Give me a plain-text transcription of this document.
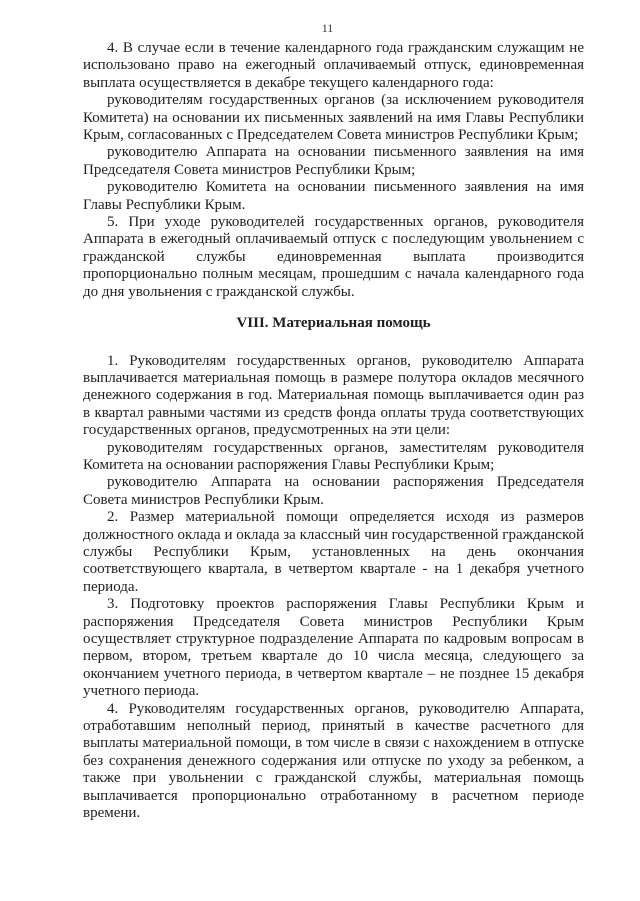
11

4. В случае если в течение календарного года гражданским служащим не использовано право на ежегодный оплачиваемый отпуск, единовременная выплата осуществляется в декабре текущего календарного года:

руководителям государственных органов (за исключением руководителя Комитета) на основании их письменных заявлений на имя Главы Республики Крым, согласованных с Председателем Совета министров Республики Крым;

руководителю Аппарата на основании письменного заявления на имя Председателя Совета министров Республики Крым;

руководителю Комитета на основании письменного заявления на имя Главы Республики Крым.

5. При уходе руководителей государственных органов, руководителя Аппарата в ежегодный оплачиваемый отпуск с последующим увольнением с гражданской службы единовременная выплата производится пропорционально полным месяцам, прошедшим с начала календарного года до дня увольнения с гражданской службы.

VIII. Материальная помощь

1. Руководителям государственных органов, руководителю Аппарата выплачивается материальная помощь в размере полутора окладов месячного денежного содержания в год. Материальная помощь выплачивается один раз в квартал равными частями из средств фонда оплаты труда соответствующих государственных органов, предусмотренных на эти цели:

руководителям государственных органов, заместителям руководителя Комитета на основании распоряжения Главы Республики Крым;

руководителю Аппарата на основании распоряжения Председателя Совета министров Республики Крым.

2. Размер материальной помощи определяется исходя из размеров должностного оклада и оклада за классный чин государственной гражданской службы Республики Крым, установленных на день окончания соответствующего квартала, в четвертом квартале - на 1 декабря учетного периода.

3. Подготовку проектов распоряжения Главы Республики Крым и распоряжения Председателя Совета министров Республики Крым осуществляет структурное подразделение Аппарата по кадровым вопросам в первом, втором, третьем квартале до 10 числа месяца, следующего за окончанием учетного периода, в четвертом квартале – не позднее 15 декабря учетного периода.

4. Руководителям государственных органов, руководителю Аппарата, отработавшим неполный период, принятый в качестве расчетного для выплаты материальной помощи, в том числе в связи с нахождением в отпуске без сохранения денежного содержания или отпуске по уходу за ребенком, а также при увольнении с гражданской службы, материальная помощь выплачивается пропорционально отработанному в расчетном периоде времени.
